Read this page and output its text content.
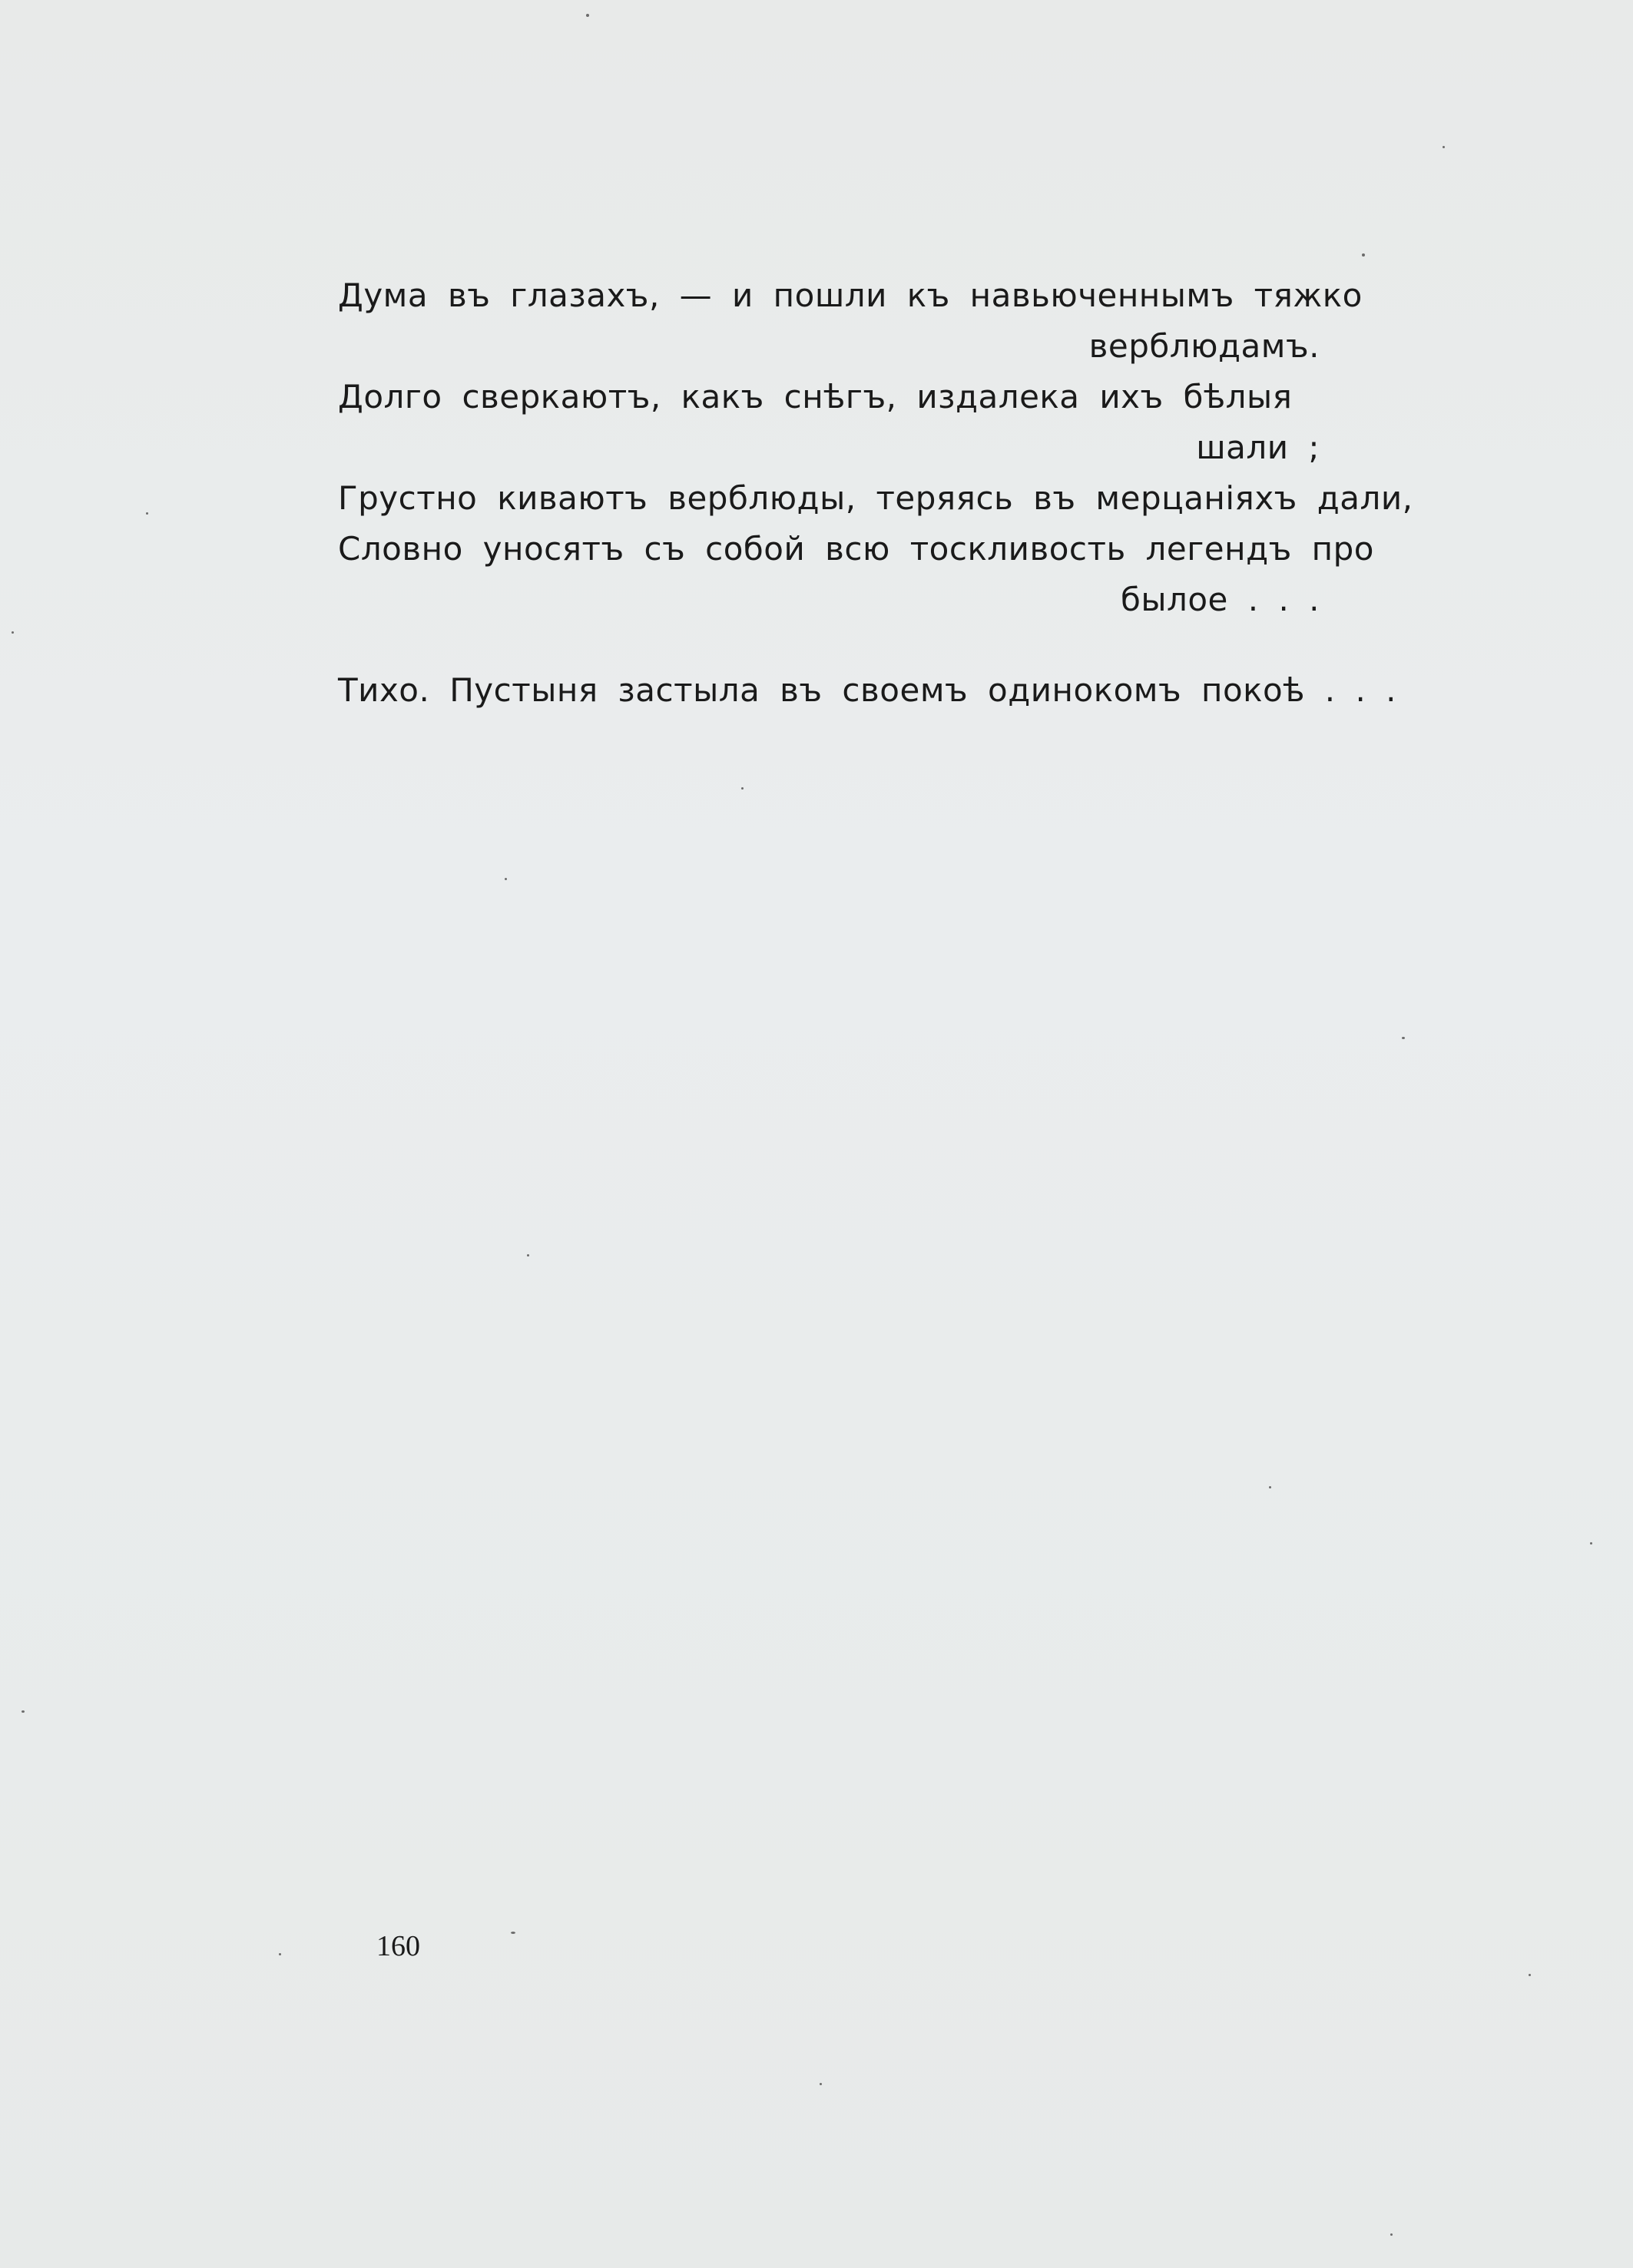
Дума въ глазахъ, — и пошли къ навьюченнымъ тяжко
верблюдамъ.
Долго сверкаютъ, какъ снѣгъ, издалека ихъ бѣлыя
шали ;
Грустно киваютъ верблюды, теряясь въ мерцаніяхъ дали,
Словно уносятъ съ собой всю тоскливость легендъ про
былое . . .
Тихо. Пустыня застыла въ своемъ одинокомъ покоѣ . . .
160
